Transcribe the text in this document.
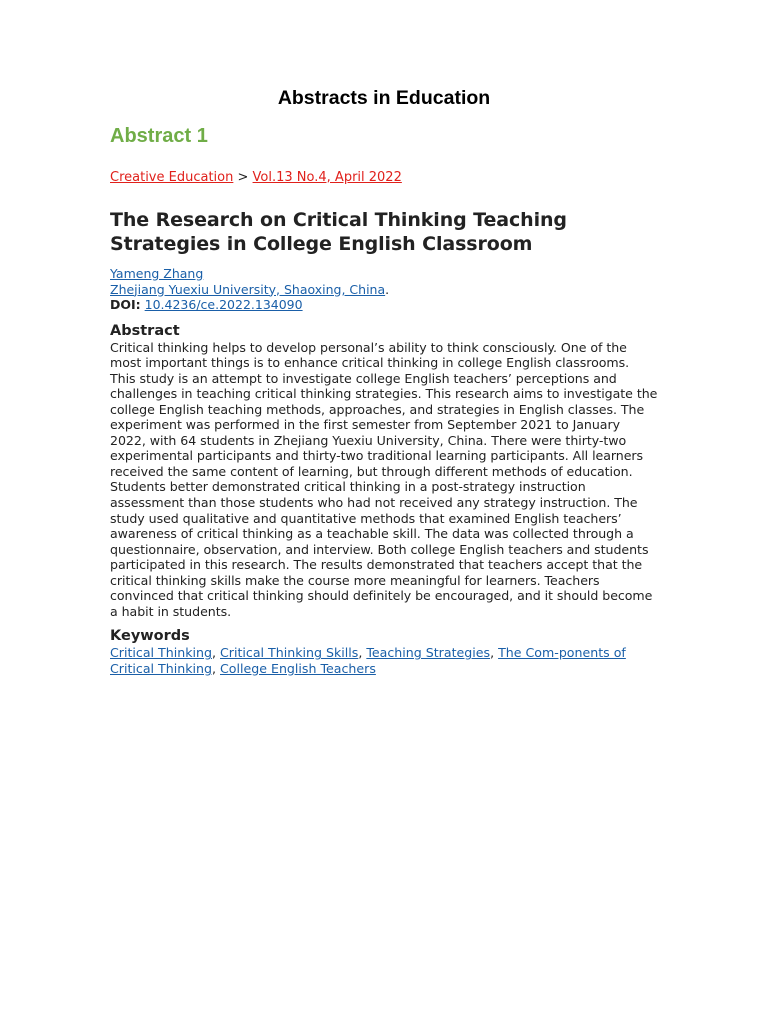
Abstracts in Education
Abstract 1

Creative Education > Vol.13 No.4, April 2022

The Research on Critical Thinking Teaching Strategies in College English Classroom
Yameng Zhang
Zhejiang Yuexiu University, Shaoxing, China.
DOI: 10.4236/ce.2022.134090
Abstract

Critical thinking helps to develop personal’s ability to think consciously. One of the most important things is to enhance critical thinking in college English classrooms. This study is an attempt to investigate college English teachers’ perceptions and challenges in teaching critical thinking strategies. This research aims to investigate the college English teaching methods, approaches, and strategies in English classes. The experiment was performed in the first semester from September 2021 to January 2022, with 64 students in Zhejiang Yuexiu University, China. There were thirty-two experimental participants and thirty-two traditional learning participants. All learners received the same content of learning, but through different methods of education. Students better demonstrated critical thinking in a post-strategy instruction assessment than those students who had not received any strategy instruction. The study used qualitative and quantitative methods that examined English teachers’ awareness of critical thinking as a teachable skill. The data was collected through a questionnaire, observation, and interview. Both college English teachers and students participated in this research. The results demonstrated that teachers accept that the critical thinking skills make the course more meaningful for learners. Teachers convinced that critical thinking should definitely be encouraged, and it should become a habit in students.

Keywords

Critical Thinking, Critical Thinking Skills, Teaching Strategies, The Com-ponents of Critical Thinking, College English Teachers
